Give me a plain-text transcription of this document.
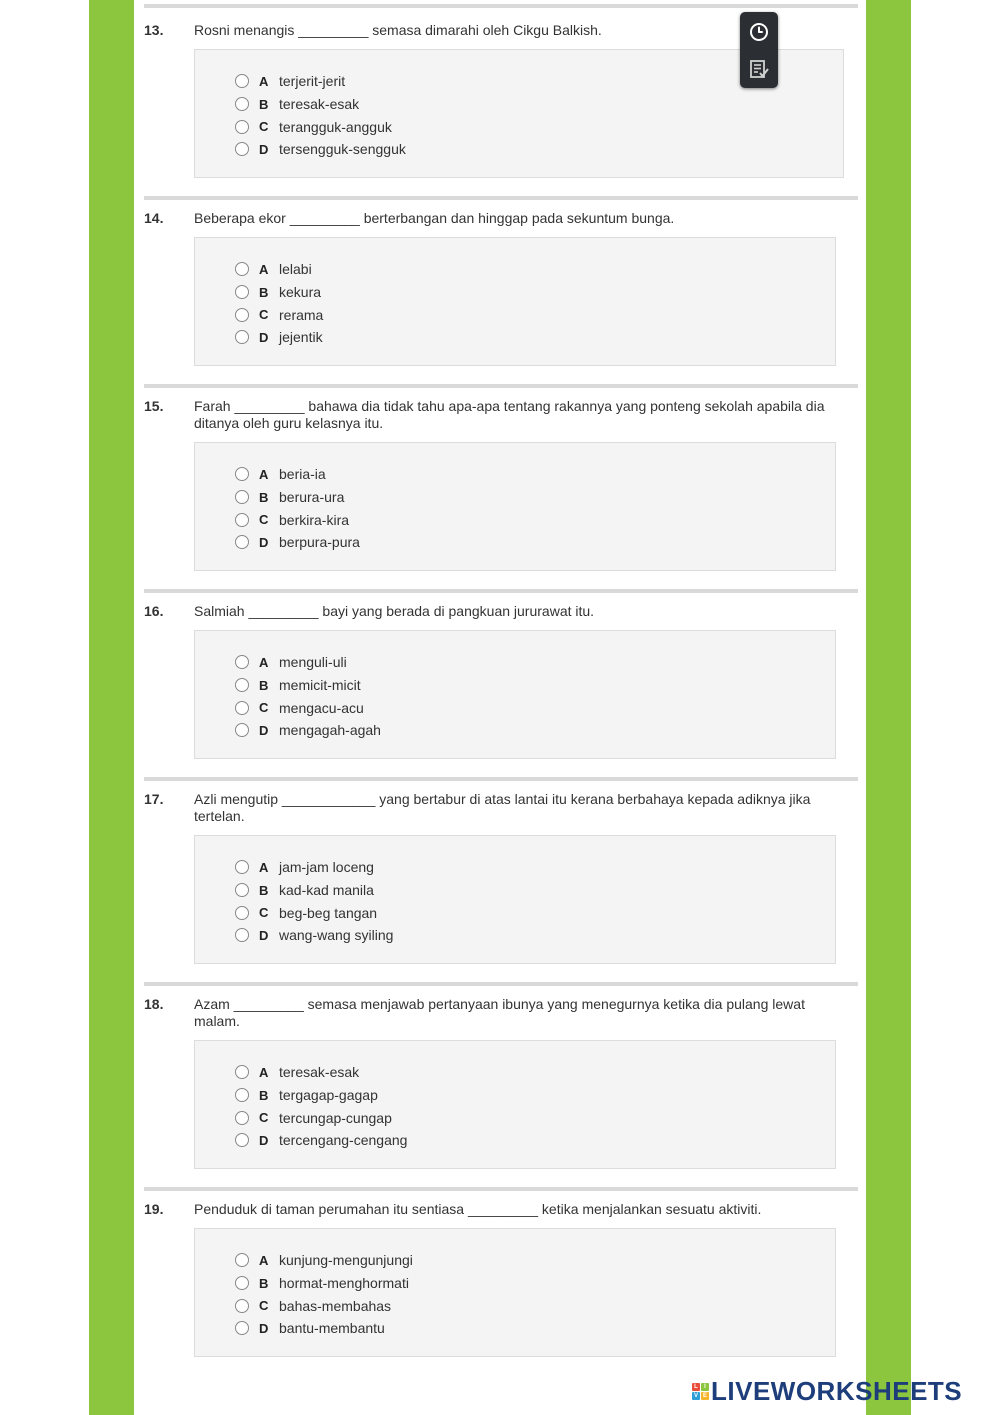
13.	Rosni menangis _________ semasa dimarahi oleh Cikgu Balkish.
A terjerit-jerit
B teresak-esak
C terangguk-angguk
D tersengguk-sengguk
14.	Beberapa ekor _________ berterbangan dan hinggap pada sekuntum bunga.
A lelabi
B kekura
C rerama
D jejentik
15.	Farah _________ bahawa dia tidak tahu apa-apa tentang rakannya yang ponteng sekolah apabila dia ditanya oleh guru kelasnya itu.
A beria-ia
B berura-ura
C berkira-kira
D berpura-pura
16.	Salmiah _________ bayi yang berada di pangkuan jururawat itu.
A menguli-uli
B memicit-micit
C mengacu-acu
D mengagah-agah
17.	Azli mengutip ____________ yang bertabur di atas lantai itu kerana berbahaya kepada adiknya jika tertelan.
A jam-jam loceng
B kad-kad manila
C beg-beg tangan
D wang-wang syiling
18.	Azam _________ semasa menjawab pertanyaan ibunya yang menegurnya ketika dia pulang lewat malam.
A teresak-esak
B tergagap-gagap
C tercungap-cungap
D tercengang-cengang
19.	Penduduk di taman perumahan itu sentiasa _________ ketika menjalankan sesuatu aktiviti.
A kunjung-mengunjungi
B hormat-menghormati
C bahas-membahas
D bantu-membantu
L	I
V E LIVEWORKSHEETS
